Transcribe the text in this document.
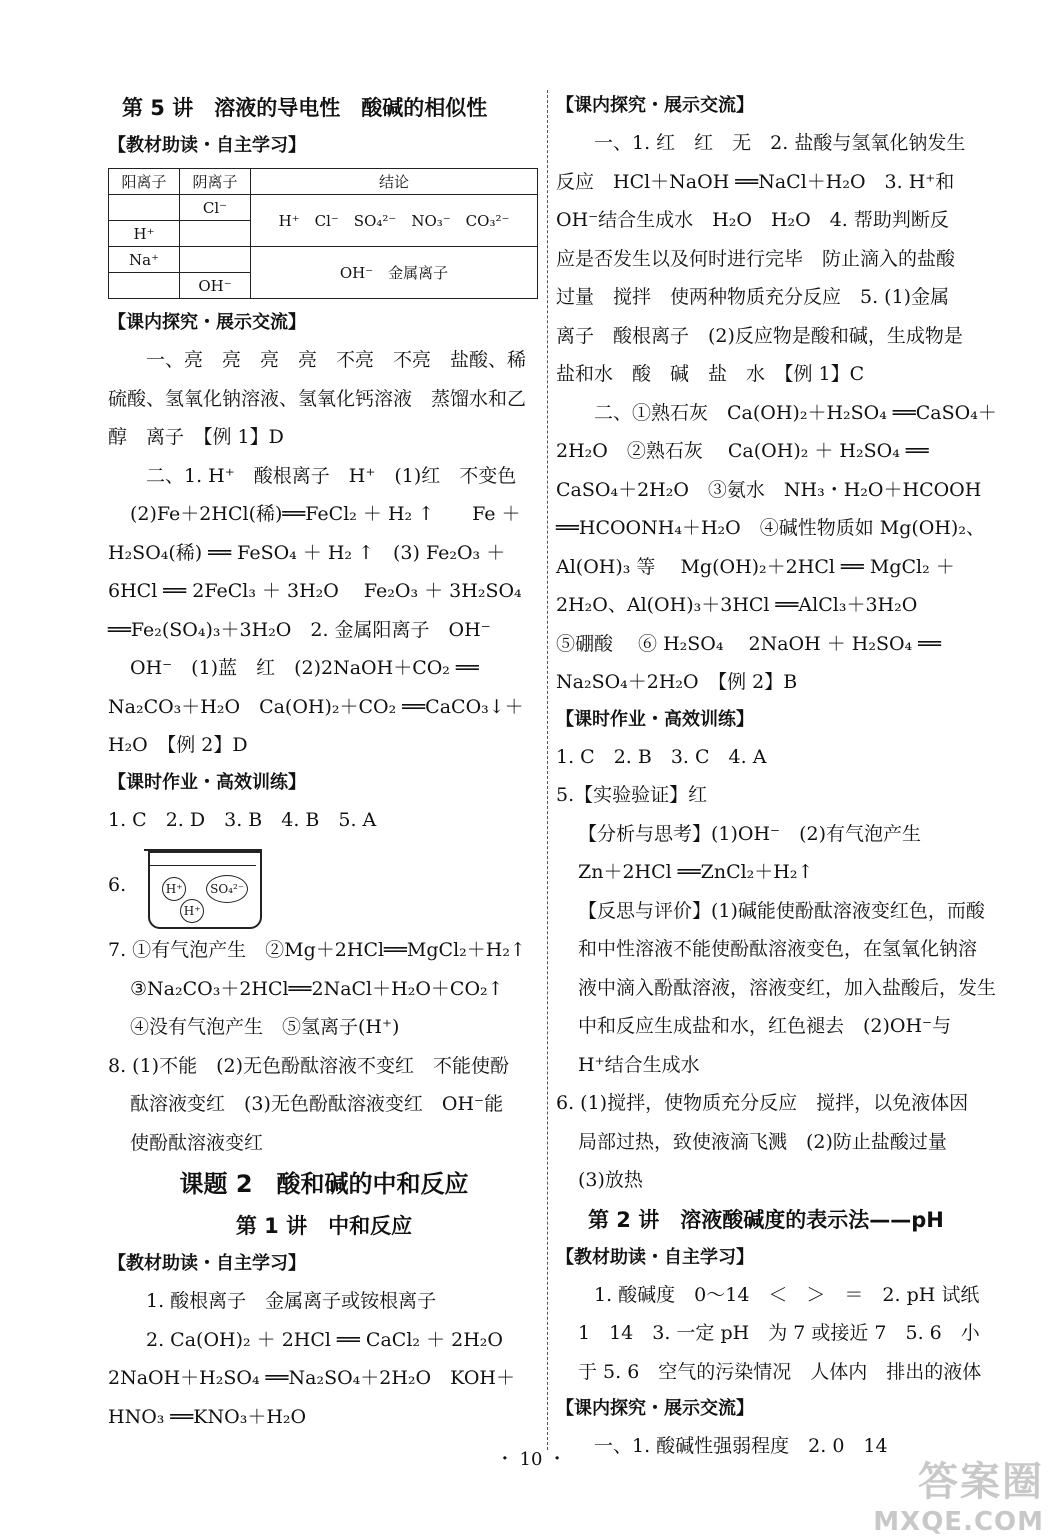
第 5 讲　溶液的导电性　酸碱的相似性
【教材助读・自主学习】
阳离子	阴离子	结论
	Cl⁻	H⁺　Cl⁻　SO₄²⁻　NO₃⁻　CO₃²⁻
H⁺		
Na⁺		OH⁻　金属离子
	OH⁻	
【课内探究・展示交流】
一、亮　亮　亮　亮　不亮　不亮　盐酸、稀
硫酸、氢氧化钠溶液、氢氧化钙溶液　蒸馏水和乙
醇　离子　【例 1】D
二、1. H⁺　酸根离子　H⁺　(1)红　不变色
(2)Fe＋2HCl(稀)══FeCl₂ ＋ H₂ ↑　　Fe ＋
H₂SO₄(稀) ══ FeSO₄ ＋ H₂ ↑　(3) Fe₂O₃ ＋
6HCl ══ 2FeCl₃ ＋ 3H₂O　 Fe₂O₃ ＋ 3H₂SO₄
══Fe₂(SO₄)₃＋3H₂O　2. 金属阳离子　OH⁻
OH⁻　(1)蓝　红　(2)2NaOH＋CO₂ ══
Na₂CO₃＋H₂O　Ca(OH)₂＋CO₂ ══CaCO₃↓＋
H₂O　【例 2】D
【课时作业・高效训练】
1. C　2. D　3. B　4. B　5. A
6.	H⁺
H⁺
SO₄²⁻
7. ①有气泡产生　②Mg＋2HCl══MgCl₂＋H₂↑
③Na₂CO₃＋2HCl══2NaCl＋H₂O＋CO₂↑
④没有气泡产生　⑤氢离子(H⁺)
8. (1)不能　(2)无色酚酞溶液不变红　不能使酚
酞溶液变红　(3)无色酚酞溶液变红　OH⁻能
使酚酞溶液变红
课题 2　酸和碱的中和反应
第 1 讲　中和反应
【教材助读・自主学习】
1. 酸根离子　金属离子或铵根离子
2. Ca(OH)₂ ＋ 2HCl ══ CaCl₂ ＋ 2H₂O
2NaOH＋H₂SO₄ ══Na₂SO₄＋2H₂O　KOH＋
HNO₃ ══KNO₃＋H₂O
【课内探究・展示交流】
一、1. 红　红　无　2. 盐酸与氢氧化钠发生
反应　HCl＋NaOH ══NaCl＋H₂O　3. H⁺和
OH⁻结合生成水　H₂O　H₂O　4. 帮助判断反
应是否发生以及何时进行完毕　防止滴入的盐酸
过量　搅拌　使两种物质充分反应　5. (1)金属
离子　酸根离子　(2)反应物是酸和碱，生成物是
盐和水　酸　碱　盐　水　【例 1】C
二、①熟石灰　Ca(OH)₂＋H₂SO₄ ══CaSO₄＋
2H₂O　②熟石灰　 Ca(OH)₂ ＋ H₂SO₄ ══
CaSO₄＋2H₂O　③氨水　NH₃・H₂O＋HCOOH
══HCOONH₄＋H₂O　④碱性物质如 Mg(OH)₂、
Al(OH)₃ 等　 Mg(OH)₂＋2HCl ══ MgCl₂ ＋
2H₂O、Al(OH)₃＋3HCl ══AlCl₃＋3H₂O
⑤硼酸　 ⑥ H₂SO₄　 2NaOH ＋ H₂SO₄ ══
Na₂SO₄＋2H₂O　【例 2】B
【课时作业・高效训练】
1. C　2. B　3. C　4. A
5.【实验验证】红
【分析与思考】(1)OH⁻　(2)有气泡产生
Zn＋2HCl ══ZnCl₂＋H₂↑
【反思与评价】(1)碱能使酚酞溶液变红色，而酸
和中性溶液不能使酚酞溶液变色，在氢氧化钠溶
液中滴入酚酞溶液，溶液变红，加入盐酸后，发生
中和反应生成盐和水，红色褪去　(2)OH⁻与
H⁺结合生成水
6. (1)搅拌，使物质充分反应　搅拌，以免液体因
局部过热，致使液滴飞溅　(2)防止盐酸过量
(3)放热
第 2 讲　溶液酸碱度的表示法——pH
【教材助读・自主学习】
1. 酸碱度　0～14　＜　＞　＝　2. pH 试纸
1　14　3. 一定 pH　为 7 或接近 7　5. 6　小
于 5. 6　空气的污染情况　人体内　排出的液体
【课内探究・展示交流】
一、1. 酸碱性强弱程度　2. 0　14
・ 10 ・	答案圈
MXQE.COM
